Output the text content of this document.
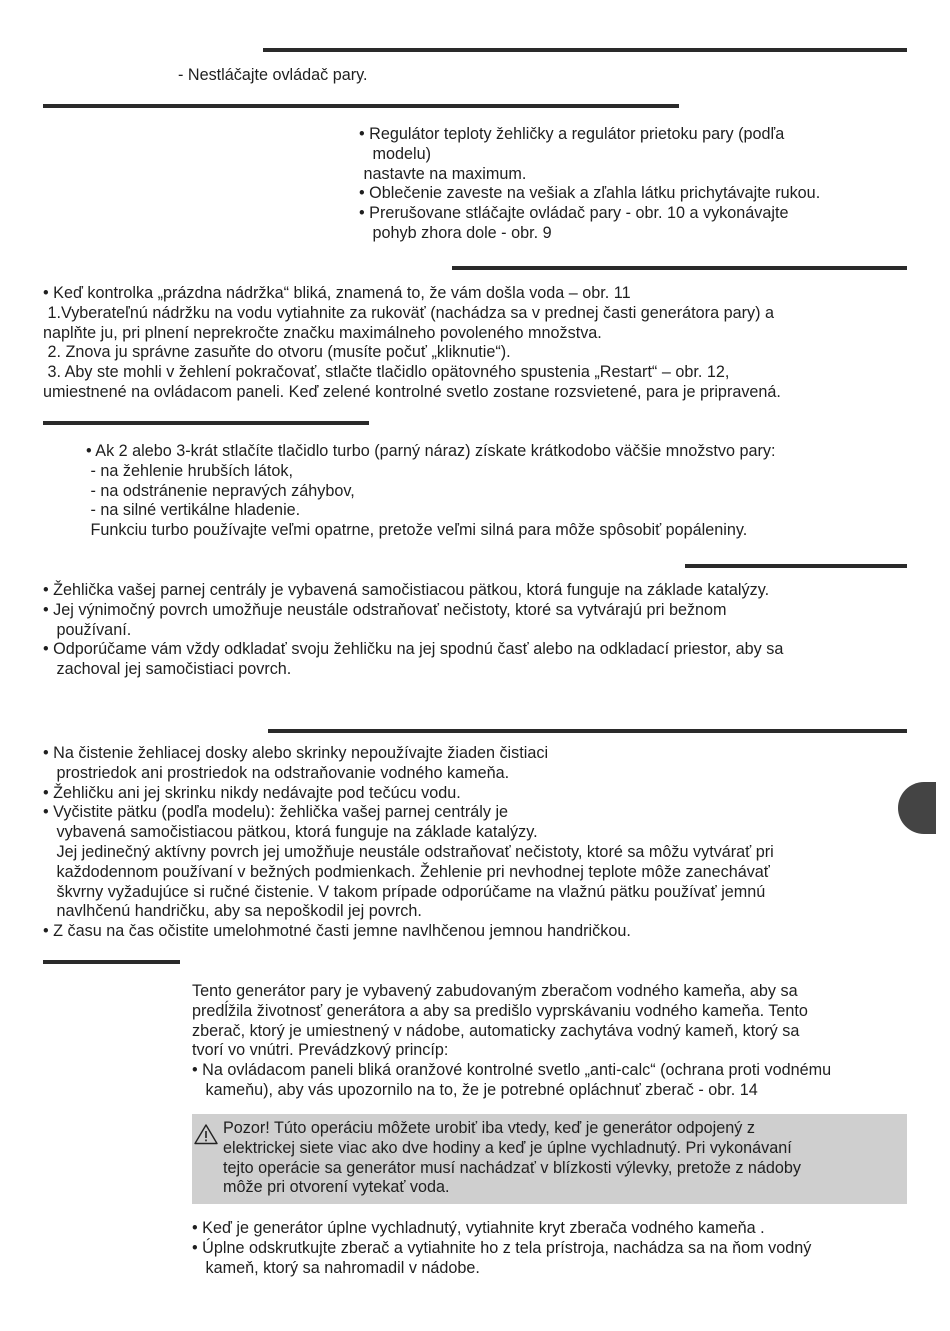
- Nestláčajte ovládač pary.
• Regulátor teploty žehličky a regulátor prietoku pary (podľa
modelu)
nastavte na maximum.
• Oblečenie zaveste na vešiak a zľahla látku prichytávajte rukou.
• Prerušovane stláčajte ovládač pary - obr. 10 a vykonávajte
pohyb zhora dole - obr. 9
• Keď kontrolka „prázdna nádržka“ bliká, znamená to, že vám došla voda – obr. 11
1.Vyberateľnú nádržku na vodu vytiahnite za rukoväť (nachádza sa v prednej časti generátora pary) a
naplňte ju, pri plnení neprekročte značku maximálneho povoleného množstva.
2. Znova ju správne zasuňte do otvoru (musíte počuť „kliknutie“).
3. Aby ste mohli v žehlení pokračovať, stlačte tlačidlo opätovného spustenia „Restart“ – obr. 12,
umiestnené na ovládacom paneli. Keď zelené kontrolné svetlo zostane rozsvietené, para je pripravená.
• Ak 2 alebo 3-krát stlačíte tlačidlo turbo (parný náraz) získate krátkodobo väčšie množstvo pary:
- na žehlenie hrubších látok,
- na odstránenie nepravých záhybov,
- na silné vertikálne hladenie.
Funkciu turbo používajte veľmi opatrne, pretože veľmi silná para môže spôsobiť popáleniny.
• Žehlička vašej parnej centrály je vybavená samočistiacou pätkou, ktorá funguje na základe katalýzy.
• Jej výnimočný povrch umožňuje neustále odstraňovať nečistoty, ktoré sa vytvárajú pri bežnom
používaní.
• Odporúčame vám vždy odkladať svoju žehličku na jej spodnú časť alebo na odkladací priestor, aby sa
zachoval jej samočistiaci povrch.
• Na čistenie žehliacej dosky alebo skrinky nepoužívajte žiaden čistiaci
prostriedok ani prostriedok na odstraňovanie vodného kameňa.
• Žehličku ani jej skrinku nikdy nedávajte pod tečúcu vodu.
• Vyčistite pätku (podľa modelu): žehlička vašej parnej centrály je
vybavená samočistiacou pätkou, ktorá funguje na základe katalýzy.
Jej jedinečný aktívny povrch jej umožňuje neustále odstraňovať nečistoty, ktoré sa môžu vytvárať pri
každodennom používaní v bežných podmienkach. Žehlenie pri nevhodnej teplote môže zanechávať
škvrny vyžadujúce si ručné čistenie. V takom prípade odporúčame na vlažnú pätku používať jemnú
navlhčenú handričku, aby sa nepoškodil jej povrch.
• Z času na čas očistite umelohmotné časti jemne navlhčenou jemnou handričkou.
Tento generátor pary je vybavený zabudovaným zberačom vodného kameňa, aby sa
predĺžila životnosť generátora a aby sa predišlo vyprskávaniu vodného kameňa. Tento
zberač, ktorý je umiestnený v nádobe, automaticky zachytáva vodný kameň, ktorý sa
tvorí vo vnútri. Prevádzkový princíp:
• Na ovládacom paneli bliká oranžové kontrolné svetlo „anti-calc“ (ochrana proti vodnému
kameňu), aby vás upozornilo na to, že je potrebné opláchnuť zberač - obr. 14
Pozor! Túto operáciu môžete urobiť iba vtedy, keď je generátor odpojený z
elektrickej siete viac ako dve hodiny a keď je úplne vychladnutý. Pri vykonávaní
tejto operácie sa generátor musí nachádzať v blízkosti výlevky, pretože z nádoby
môže pri otvorení vytekať voda.
• Keď je generátor úplne vychladnutý, vytiahnite kryt zberača vodného kameňa .
• Úplne odskrutkujte zberač a vytiahnite ho z tela prístroja, nachádza sa na ňom vodný
kameň, ktorý sa nahromadil v nádobe.
